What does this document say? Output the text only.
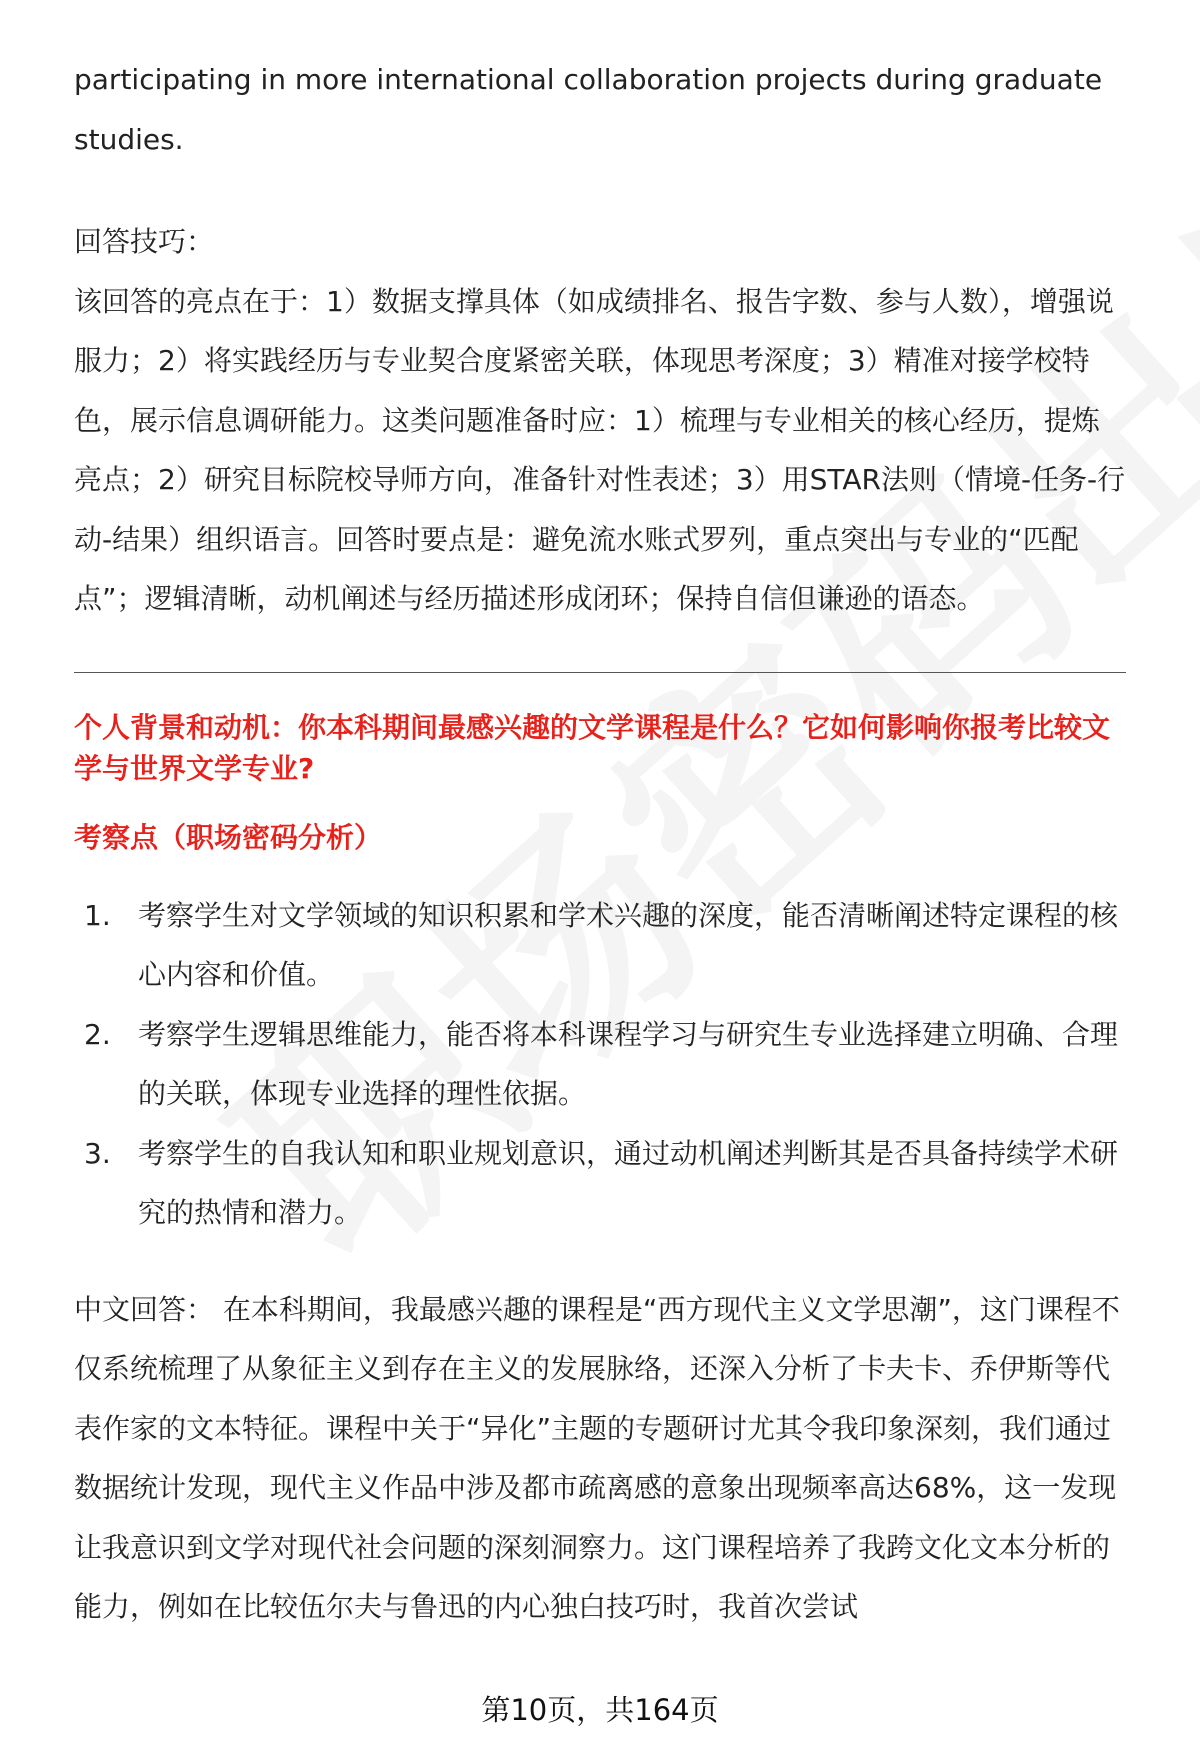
participating in more international collaboration projects during graduate studies.

回答技巧：

该回答的亮点在于：1）数据支撑具体（如成绩排名、报告字数、参与人数），增强说服力；2）将实践经历与专业契合度紧密关联，体现思考深度；3）精准对接学校特色，展示信息调研能力。这类问题准备时应：1）梳理与专业相关的核心经历，提炼亮点；2）研究目标院校导师方向，准备针对性表述；3）用STAR法则（情境-任务-行动-结果）组织语言。回答时要点是：避免流水账式罗列，重点突出与专业的“匹配点”；逻辑清晰，动机阐述与经历描述形成闭环；保持自信但谦逊的语态。

个人背景和动机：你本科期间最感兴趣的文学课程是什么？它如何影响你报考比较文学与世界文学专业?

考察点（职场密码分析）

1. 考察学生对文学领域的知识积累和学术兴趣的深度，能否清晰阐述特定课程的核心内容和价值。
2. 考察学生逻辑思维能力，能否将本科课程学习与研究生专业选择建立明确、合理的关联，体现专业选择的理性依据。
3. 考察学生的自我认知和职业规划意识，通过动机阐述判断其是否具备持续学术研究的热情和潜力。

中文回答： 在本科期间，我最感兴趣的课程是“西方现代主义文学思潮”，这门课程不仅系统梳理了从象征主义到存在主义的发展脉络，还深入分析了卡夫卡、乔伊斯等代表作家的文本特征。课程中关于“异化”主题的专题研讨尤其令我印象深刻，我们通过数据统计发现，现代主义作品中涉及都市疏离感的意象出现频率高达68%，这一发现让我意识到文学对现代社会问题的深刻洞察力。这门课程培养了我跨文化文本分析的能力，例如在比较伍尔夫与鲁迅的内心独白技巧时，我首次尝试

第10页，共164页
